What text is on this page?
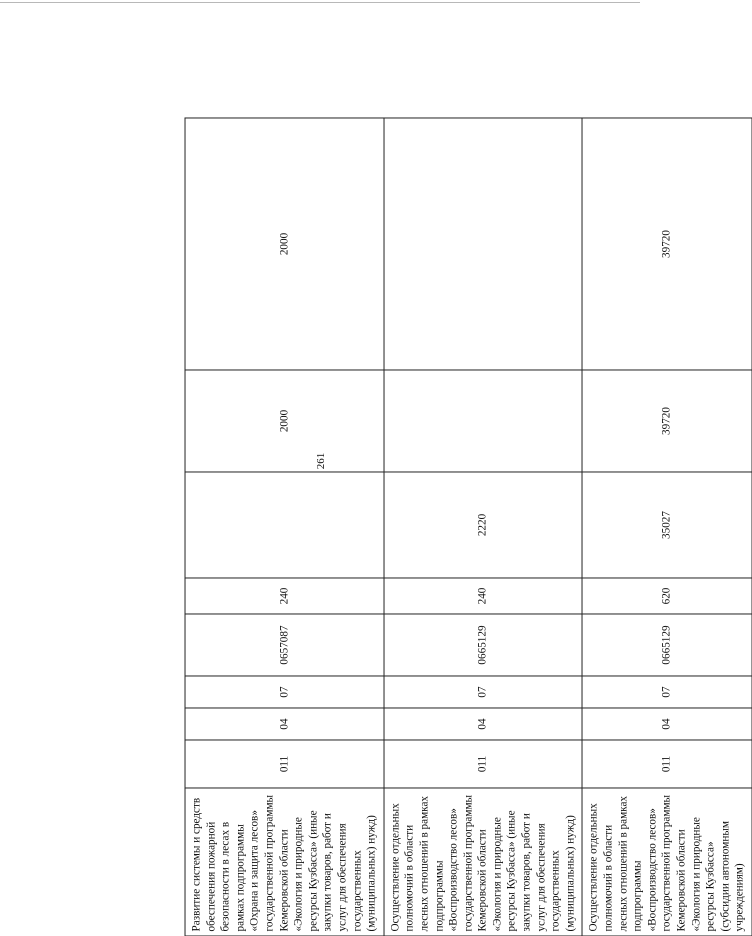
261
Развитие системы и средств обеспечения пожарной безопасности в лесах в рамках подпрограммы «Охрана и защита лесов» государственной программы Кемеровской области «Экология и природные ресурсы Кузбасса» (иные закупки товаров, работ и услуг для обеспечения государственных (муниципальных) нужд)	011	04	07	0657087	240		2000	2000
Осуществление отдельных полномочий в области лесных отношений в рамках подпрограммы «Воспроизводство лесов» государственной программы Кемеровской области «Экология и природные ресурсы Кузбасса» (иные закупки товаров, работ и услуг для обеспечения государственных (муниципальных) нужд)	011	04	07	0665129	240	2220		
Осуществление отдельных полномочий в области лесных отношений в рамках подпрограммы «Воспроизводство лесов» государственной программы Кемеровской области «Экология и природные ресурсы Кузбасса» (субсидии автономным учреждениям)	011	04	07	0665129	620	35027	39720	39720
